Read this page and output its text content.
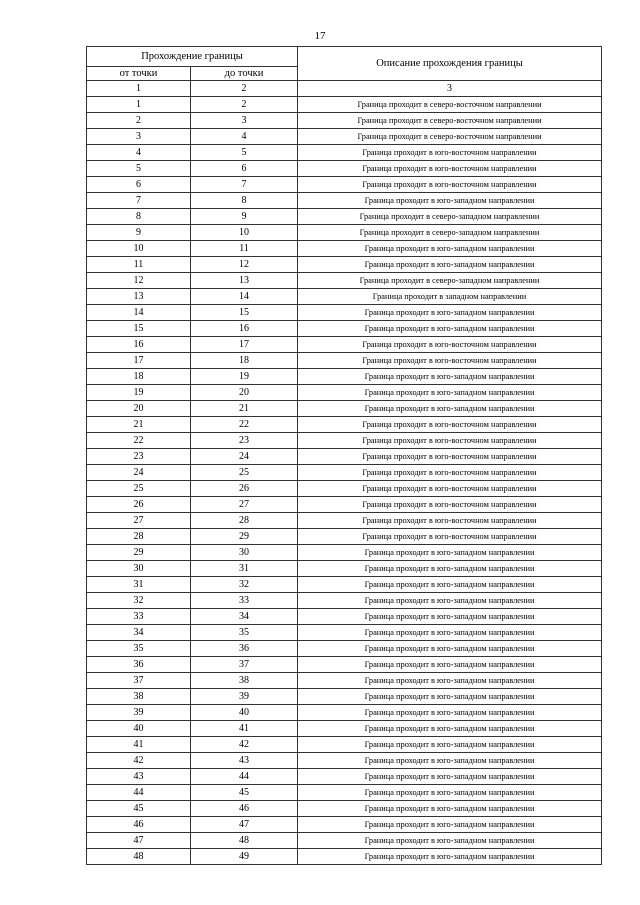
17
Прохождение границы		Описание прохождения границы
от точки	до точки	
1	2	3
1	2	Граница проходит в северо-восточном направлении
2	3	Граница проходит в северо-восточном направлении
3	4	Граница проходит в северо-восточном направлении
4	5	Граница проходит в юго-восточном направлении
5	6	Граница проходит в юго-восточном направлении
6	7	Граница проходит в юго-восточном направлении
7	8	Граница проходит в юго-западном направлении
8	9	Граница проходит в северо-западном направлении
9	10	Граница проходит в северо-западном направлении
10	11	Граница проходит в юго-западном направлении
11	12	Граница проходит в юго-западном направлении
12	13	Граница проходит в северо-западном направлении
13	14	Граница проходит в западном направлении
14	15	Граница проходит в юго-западном направлении
15	16	Граница проходит в юго-западном направлении
16	17	Граница проходит в юго-восточном направлении
17	18	Граница проходит в юго-восточном направлении
18	19	Граница проходит в юго-западном направлении
19	20	Граница проходит в юго-западном направлении
20	21	Граница проходит в юго-западном направлении
21	22	Граница проходит в юго-восточном направлении
22	23	Граница проходит в юго-восточном направлении
23	24	Граница проходит в юго-восточном направлении
24	25	Граница проходит в юго-восточном направлении
25	26	Граница проходит в юго-восточном направлении
26	27	Граница проходит в юго-восточном направлении
27	28	Граница проходит в юго-восточном направлении
28	29	Граница проходит в юго-восточном направлении
29	30	Граница проходит в юго-западном направлении
30	31	Граница проходит в юго-западном направлении
31	32	Граница проходит в юго-западном направлении
32	33	Граница проходит в юго-западном направлении
33	34	Граница проходит в юго-западном направлении
34	35	Граница проходит в юго-западном направлении
35	36	Граница проходит в юго-западном направлении
36	37	Граница проходит в юго-западном направлении
37	38	Граница проходит в юго-западном направлении
38	39	Граница проходит в юго-западном направлении
39	40	Граница проходит в юго-западном направлении
40	41	Граница проходит в юго-западном направлении
41	42	Граница проходит в юго-западном направлении
42	43	Граница проходит в юго-западном направлении
43	44	Граница проходит в юго-западном направлении
44	45	Граница проходит в юго-западном направлении
45	46	Граница проходит в юго-западном направлении
46	47	Граница проходит в юго-западном направлении
47	48	Граница проходит в юго-западном направлении
48	49	Граница проходит в юго-западном направлении
